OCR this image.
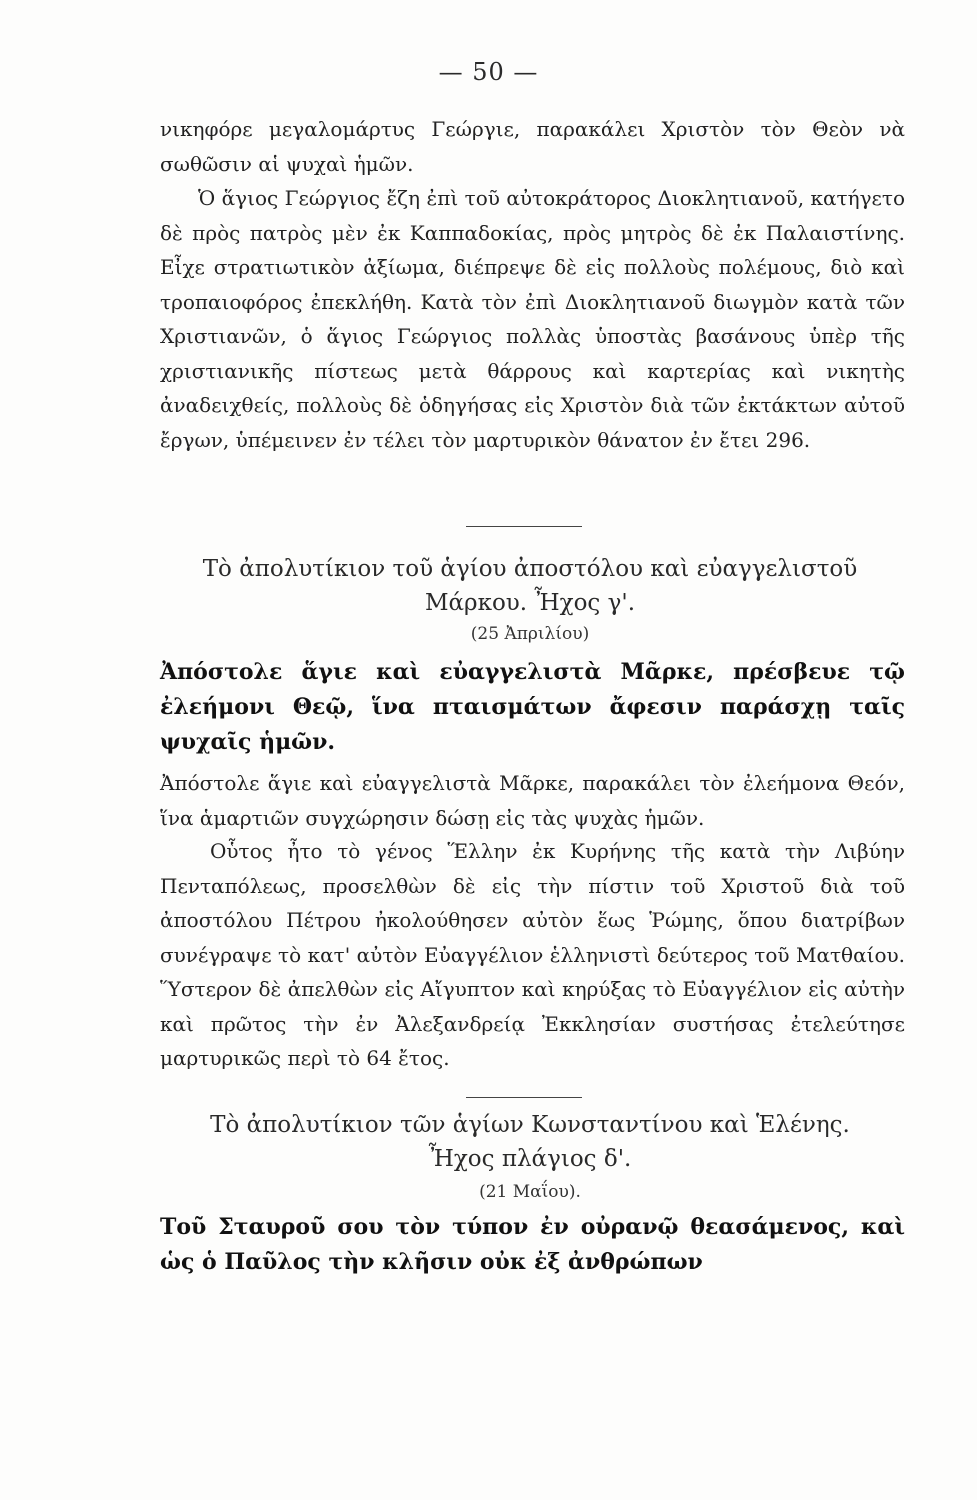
— 50 —
νικηφόρε μεγαλομάρτυς Γεώργιε, παρακάλει Χριστὸν τὸν Θεὸν νὰ σωθῶσιν αἱ ψυχαὶ ἡμῶν.
Ὁ ἅγιος Γεώργιος ἔζη ἐπὶ τοῦ αὐτοκράτορος Διοκλητιανοῦ, κατήγετο δὲ πρὸς πατρὸς μὲν ἐκ Καππαδοκίας, πρὸς μητρὸς δὲ ἐκ Παλαιστίνης. Εἶχε στρατιωτικὸν ἀξίωμα, διέπρεψε δὲ εἰς πολλοὺς πολέμους, διὸ καὶ τροπαιοφόρος ἐπεκλήθη. Κατὰ τὸν ἐπὶ Διοκλητιανοῦ διωγμὸν κατὰ τῶν Χριστιανῶν, ὁ ἅγιος Γεώργιος πολλὰς ὑποστὰς βασάνους ὑπὲρ τῆς χριστιανικῆς πίστεως μετὰ θάρρους καὶ καρτερίας καὶ νικητὴς ἀναδειχθείς, πολλοὺς δὲ ὁδηγήσας εἰς Χριστὸν διὰ τῶν ἐκτάκτων αὐτοῦ ἔργων, ὑπέμεινεν ἐν τέλει τὸν μαρτυρικὸν θάνατον ἐν ἔτει 296.
Τὸ ἀπολυτίκιον τοῦ ἁγίου ἀποστόλου καὶ εὐαγγελιστοῦ
Μάρκου. Ἦχος γ'.
(25 Ἀπριλίου)
Ἀπόστολε ἅγιε καὶ εὐαγγελιστὰ Μᾶρκε, πρέσβευε τῷ ἐλεήμονι Θεῷ, ἵνα πταισμάτων ἄφεσιν παράσχῃ ταῖς ψυχαῖς ἡμῶν.
Ἀπόστολε ἅγιε καὶ εὐαγγελιστὰ Μᾶρκε, παρακάλει τὸν ἐλεήμονα Θεόν, ἵνα ἁμαρτιῶν συγχώρησιν δώσῃ εἰς τὰς ψυχὰς ἡμῶν.
Οὗτος ἦτο τὸ γένος Ἕλλην ἐκ Κυρήνης τῆς κατὰ τὴν Λιβύην Πενταπόλεως, προσελθὼν δὲ εἰς τὴν πίστιν τοῦ Χριστοῦ διὰ τοῦ ἀποστόλου Πέτρου ἠκολούθησεν αὐτὸν ἕως Ῥώμης, ὅπου διατρίβων συνέγραψε τὸ κατ' αὐτὸν Εὐαγγέλιον ἑλληνιστὶ δεύτερος τοῦ Ματθαίου. Ὕστερον δὲ ἀπελθὼν εἰς Αἴγυπτον καὶ κηρύξας τὸ Εὐαγγέλιον εἰς αὐτὴν καὶ πρῶτος τὴν ἐν Ἀλεξανδρείᾳ Ἐκκλησίαν συστήσας ἐτελεύτησε μαρτυρικῶς περὶ τὸ 64 ἔτος.
Τὸ ἀπολυτίκιον τῶν ἁγίων Κωνσταντίνου καὶ Ἑλένης.
Ἦχος πλάγιος δ'.
(21 Μαΐου).
Τοῦ Σταυροῦ σου τὸν τύπον ἐν οὐρανῷ θεασάμενος, καὶ ὡς ὁ Παῦλος τὴν κλῆσιν οὐκ ἐξ ἀνθρώπων
